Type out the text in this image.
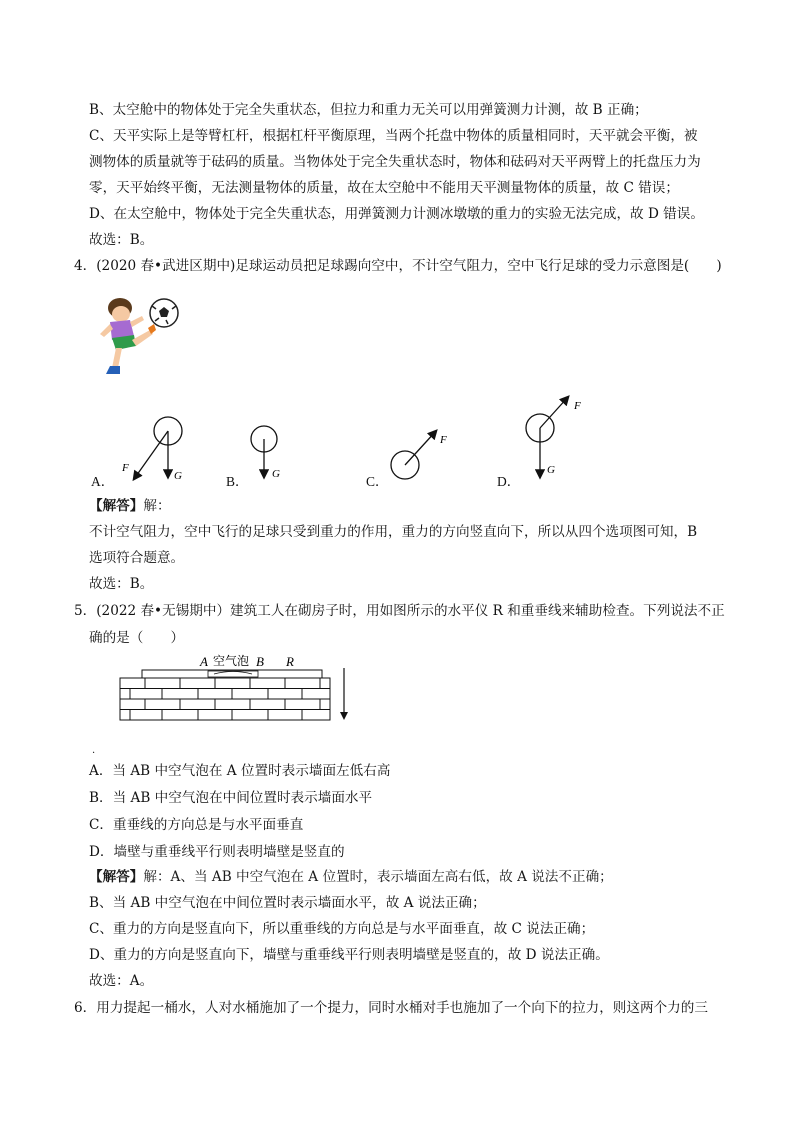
B、太空舱中的物体处于完全失重状态，但拉力和重力无关可以用弹簧测力计测，故 B 正确；
C、天平实际上是等臂杠杆，根据杠杆平衡原理，当两个托盘中物体的质量相同时，天平就会平衡，被
测物体的质量就等于砝码的质量。当物体处于完全失重状态时，物体和砝码对天平两臂上的托盘压力为
零，天平始终平衡，无法测量物体的质量，故在太空舱中不能用天平测量物体的质量，故 C 错误；
D、在太空舱中，物体处于完全失重状态，用弹簧测力计测冰墩墩的重力的实验无法完成，故 D 错误。
故选：B。
4．(2020 春•武进区期中)足球运动员把足球踢向空中，不计空气阻力，空中飞行足球的受力示意图是(　　)
F
G	G
F
F
G
A．	B．	C．	D．
【解答】解：
不计空气阻力，空中飞行的足球只受到重力的作用，重力的方向竖直向下，所以从四个选项图可知，B
选项符合题意。
故选：B。
5．(2022 春•无锡期中）建筑工人在砌房子时，用如图所示的水平仪 R 和重垂线来辅助检查。下列说法不正
确的是（　　）
A 空气泡 B R
.
A．当 AB 中空气泡在 A 位置时表示墙面左低右高
B．当 AB 中空气泡在中间位置时表示墙面水平
C．重垂线的方向总是与水平面垂直
D．墙壁与重垂线平行则表明墙壁是竖直的
【解答】解：A、当 AB 中空气泡在 A 位置时，表示墙面左高右低，故 A 说法不正确；
B、当 AB 中空气泡在中间位置时表示墙面水平，故 A 说法正确；
C、重力的方向是竖直向下，所以重垂线的方向总是与水平面垂直，故 C 说法正确；
D、重力的方向是竖直向下，墙壁与重垂线平行则表明墙壁是竖直的，故 D 说法正确。
故选：A。
6．用力提起一桶水，人对水桶施加了一个提力，同时水桶对手也施加了一个向下的拉力，则这两个力的三
